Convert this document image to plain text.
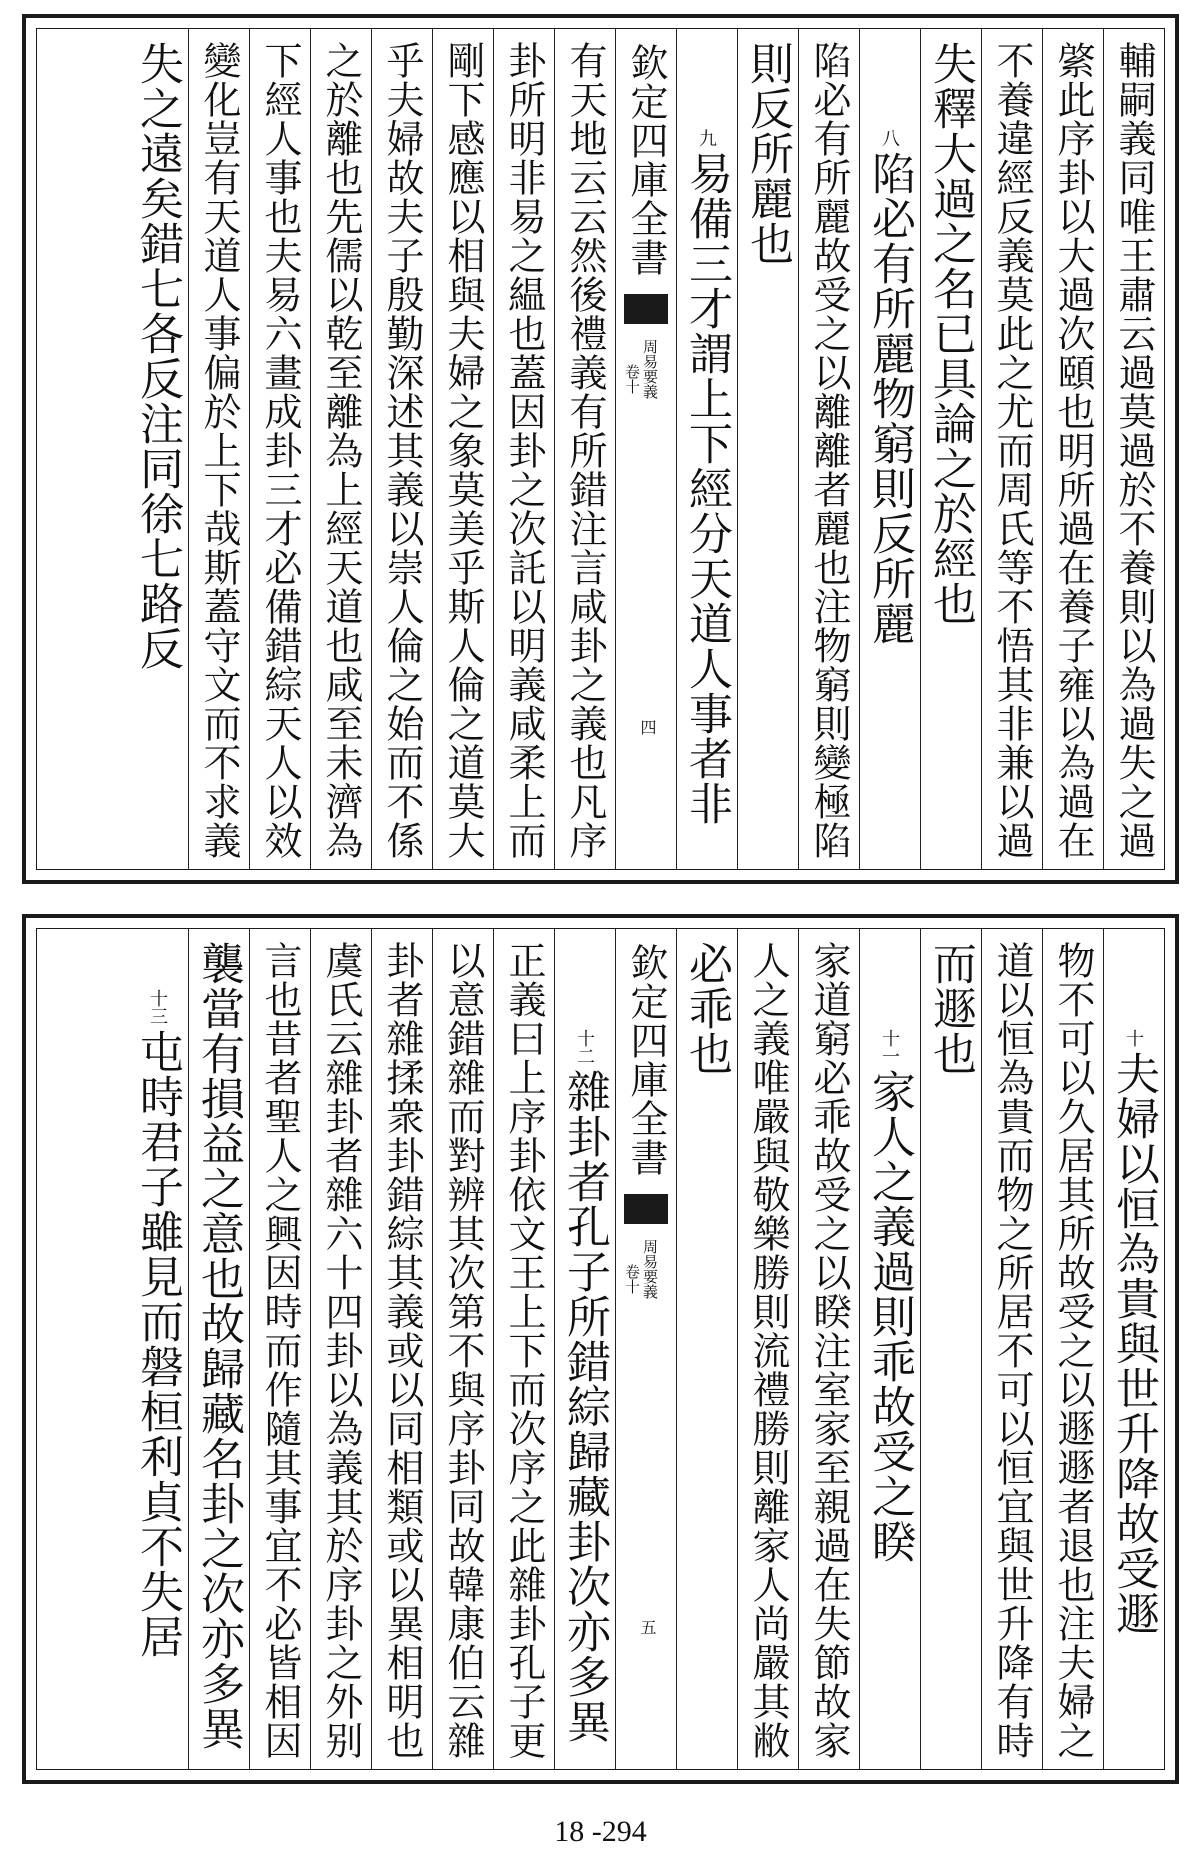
輔嗣義同唯王肅云過莫過於不養則以為過失之過
綮此序卦以大過次頤也明所過在養子雍以為過在
不養違經反義莫此之尤而周氏等不悟其非兼以過
失釋大過之名已具論之於經也
八陷必有所麗物窮則反所麗
陷必有所麗故受之以離離者麗也注物窮則變極陷
則反所麗也
九易備三才謂上下經分天道人事者非
欽定四庫全書
周易要義
卷十
四
有天地云云然後禮義有所錯注言咸卦之義也凡序
卦所明非易之緼也蓋因卦之次託以明義咸柔上而
剛下感應以相與夫婦之象莫美乎斯人倫之道莫大
乎夫婦故夫子殷勤深述其義以崇人倫之始而不係
之於離也先儒以乾至離為上經天道也咸至未濟為
下經人事也夫易六畫成卦三才必備錯綜天人以效
變化豈有天道人事偏於上下哉斯蓋守文而不求義
失之遠矣錯七各反注同徐七路反
十夫婦以恒為貴與世升降故受遯
物不可以久居其所故受之以遯遯者退也注夫婦之
道以恒為貴而物之所居不可以恒宜與世升降有時
而遯也
十一家人之義過則乖故受之睽
家道窮必乖故受之以睽注室家至親過在失節故家
人之義唯嚴與敬樂勝則流禮勝則離家人尚嚴其敝
必乖也
欽定四庫全書
周易要義
卷十
五
十二雜卦者孔子所錯綜歸藏卦次亦多異
正義曰上序卦依文王上下而次序之此雜卦孔子更
以意錯雜而對辨其次第不與序卦同故韓康伯云雜
卦者雜揉衆卦錯綜其義或以同相類或以異相明也
虞氏云雜卦者雜六十四卦以為義其於序卦之外别
言也昔者聖人之興因時而作隨其事宜不必皆相因
襲當有損益之意也故歸藏名卦之次亦多異
十三屯時君子雖見而磐桓利貞不失居
18 -294
